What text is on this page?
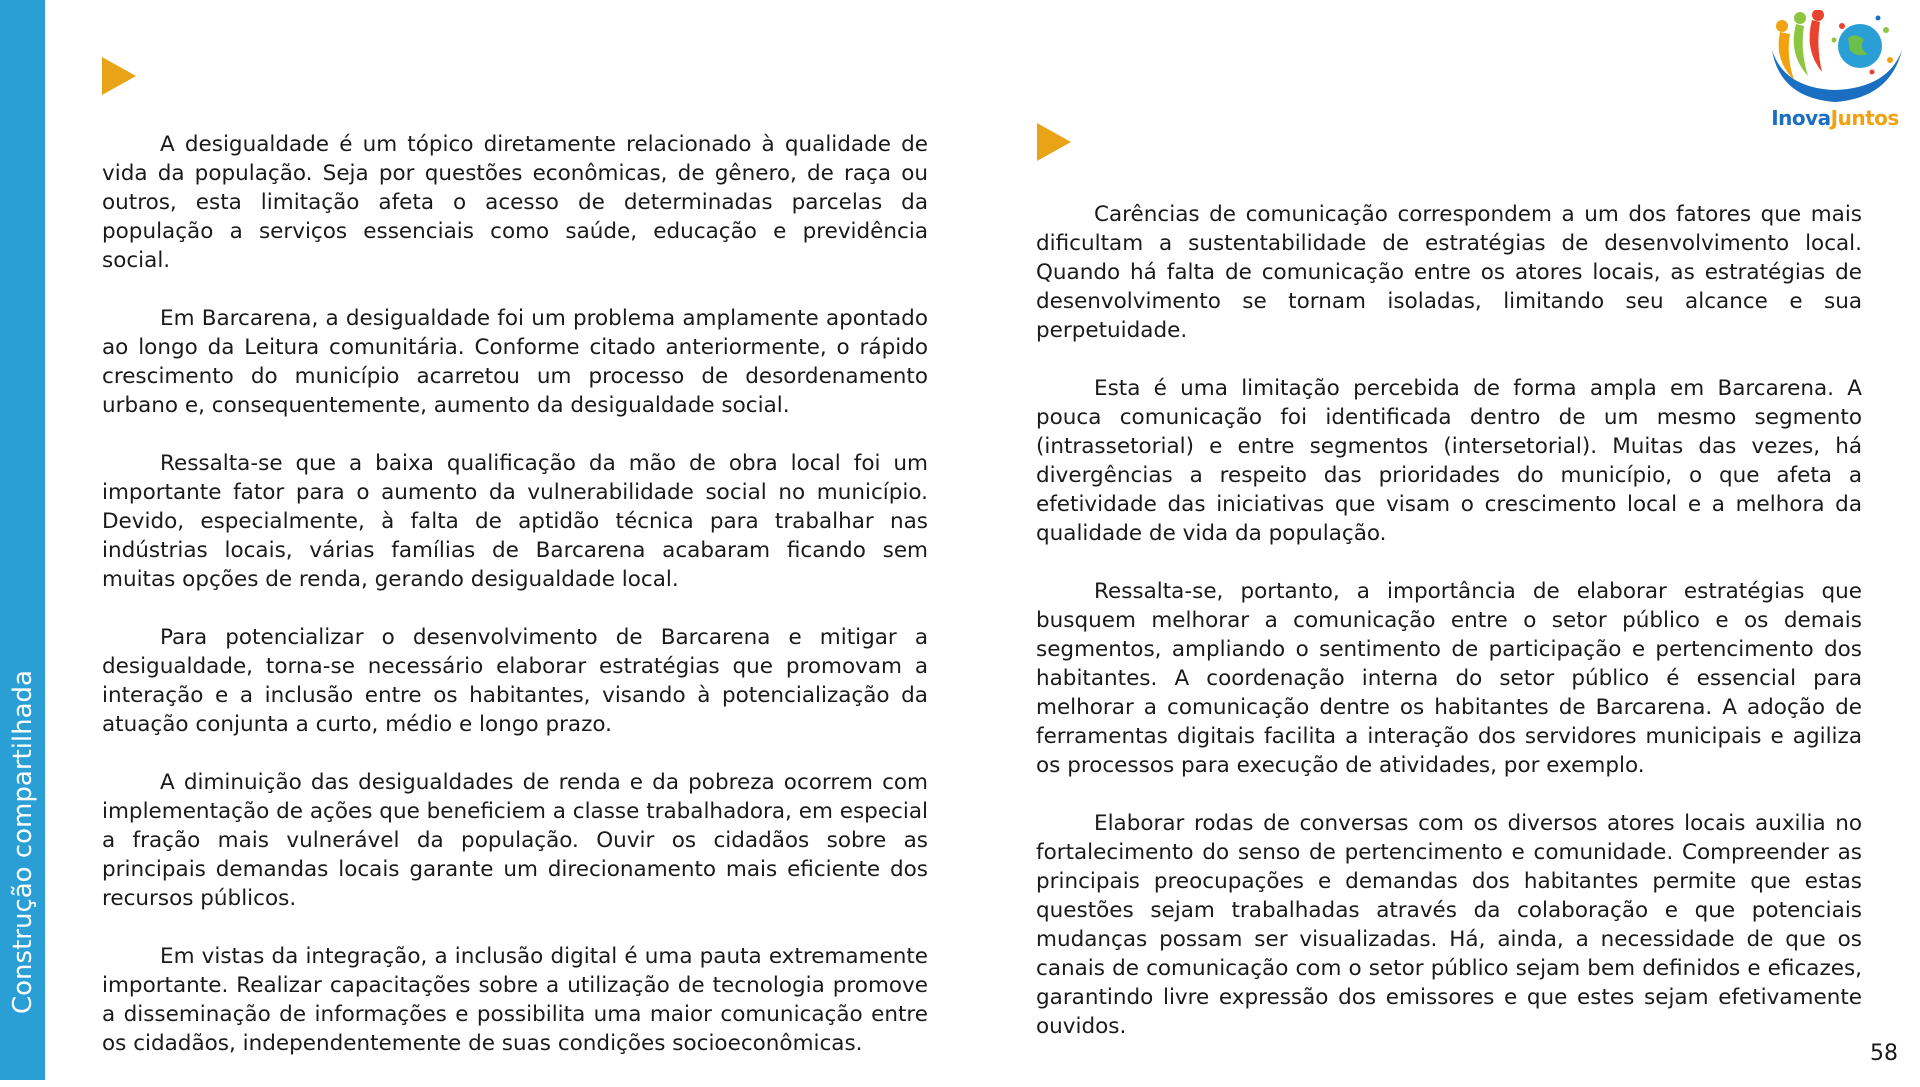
Construção compartilhada

A desigualdade é um tópico diretamente relacionado à qualidade de vida da população. Seja por questões econômicas, de gênero, de raça ou outros, esta limitação afeta o acesso de determinadas parcelas da população a serviços essenciais como saúde, educação e previdência social.

Em Barcarena, a desigualdade foi um problema amplamente apontado ao longo da Leitura comunitária. Conforme citado anteriormente, o rápido crescimento do município acarretou um processo de desordenamento urbano e, consequentemente, aumento da desigualdade social.

Ressalta-se que a baixa qualificação da mão de obra local foi um importante fator para o aumento da vulnerabilidade social no município. Devido, especialmente, à falta de aptidão técnica para trabalhar nas indústrias locais, várias famílias de Barcarena acabaram ficando sem muitas opções de renda, gerando desigualdade local.

Para potencializar o desenvolvimento de Barcarena e mitigar a desigualdade, torna-se necessário elaborar estratégias que promovam a interação e a inclusão entre os habitantes, visando à potencialização da atuação conjunta a curto, médio e longo prazo.

A diminuição das desigualdades de renda e da pobreza ocorrem com implementação de ações que beneficiem a classe trabalhadora, em especial a fração mais vulnerável da população. Ouvir os cidadãos sobre as principais demandas locais garante um direcionamento mais eficiente dos recursos públicos.

Em vistas da integração, a inclusão digital é uma pauta extremamente importante. Realizar capacitações sobre a utilização de tecnologia promove a disseminação de informações e possibilita uma maior comunicação entre os cidadãos, independentemente de suas condições socioeconômicas.

Carências de comunicação correspondem a um dos fatores que mais dificultam a sustentabilidade de estratégias de desenvolvimento local. Quando há falta de comunicação entre os atores locais, as estratégias de desenvolvimento se tornam isoladas, limitando seu alcance e sua perpetuidade.

Esta é uma limitação percebida de forma ampla em Barcarena. A pouca comunicação foi identificada dentro de um mesmo segmento (intrassetorial) e entre segmentos (intersetorial). Muitas das vezes, há divergências a respeito das prioridades do município, o que afeta a efetividade das iniciativas que visam o crescimento local e a melhora da qualidade de vida da população.

Ressalta-se, portanto, a importância de elaborar estratégias que busquem melhorar a comunicação entre o setor público e os demais segmentos, ampliando o sentimento de participação e pertencimento dos habitantes. A coordenação interna do setor público é essencial para melhorar a comunicação dentre os habitantes de Barcarena. A adoção de ferramentas digitais facilita a interação dos servidores municipais e agiliza os processos para execução de atividades, por exemplo.

Elaborar rodas de conversas com os diversos atores locais auxilia no fortalecimento do senso de pertencimento e comunidade. Compreender as principais preocupações e demandas dos habitantes permite que estas questões sejam trabalhadas através da colaboração e que potenciais mudanças possam ser visualizadas. Há, ainda, a necessidade de que os canais de comunicação com o setor público sejam bem definidos e eficazes, garantindo livre expressão dos emissores e que estes sejam efetivamente ouvidos.

InovaJuntos
58
